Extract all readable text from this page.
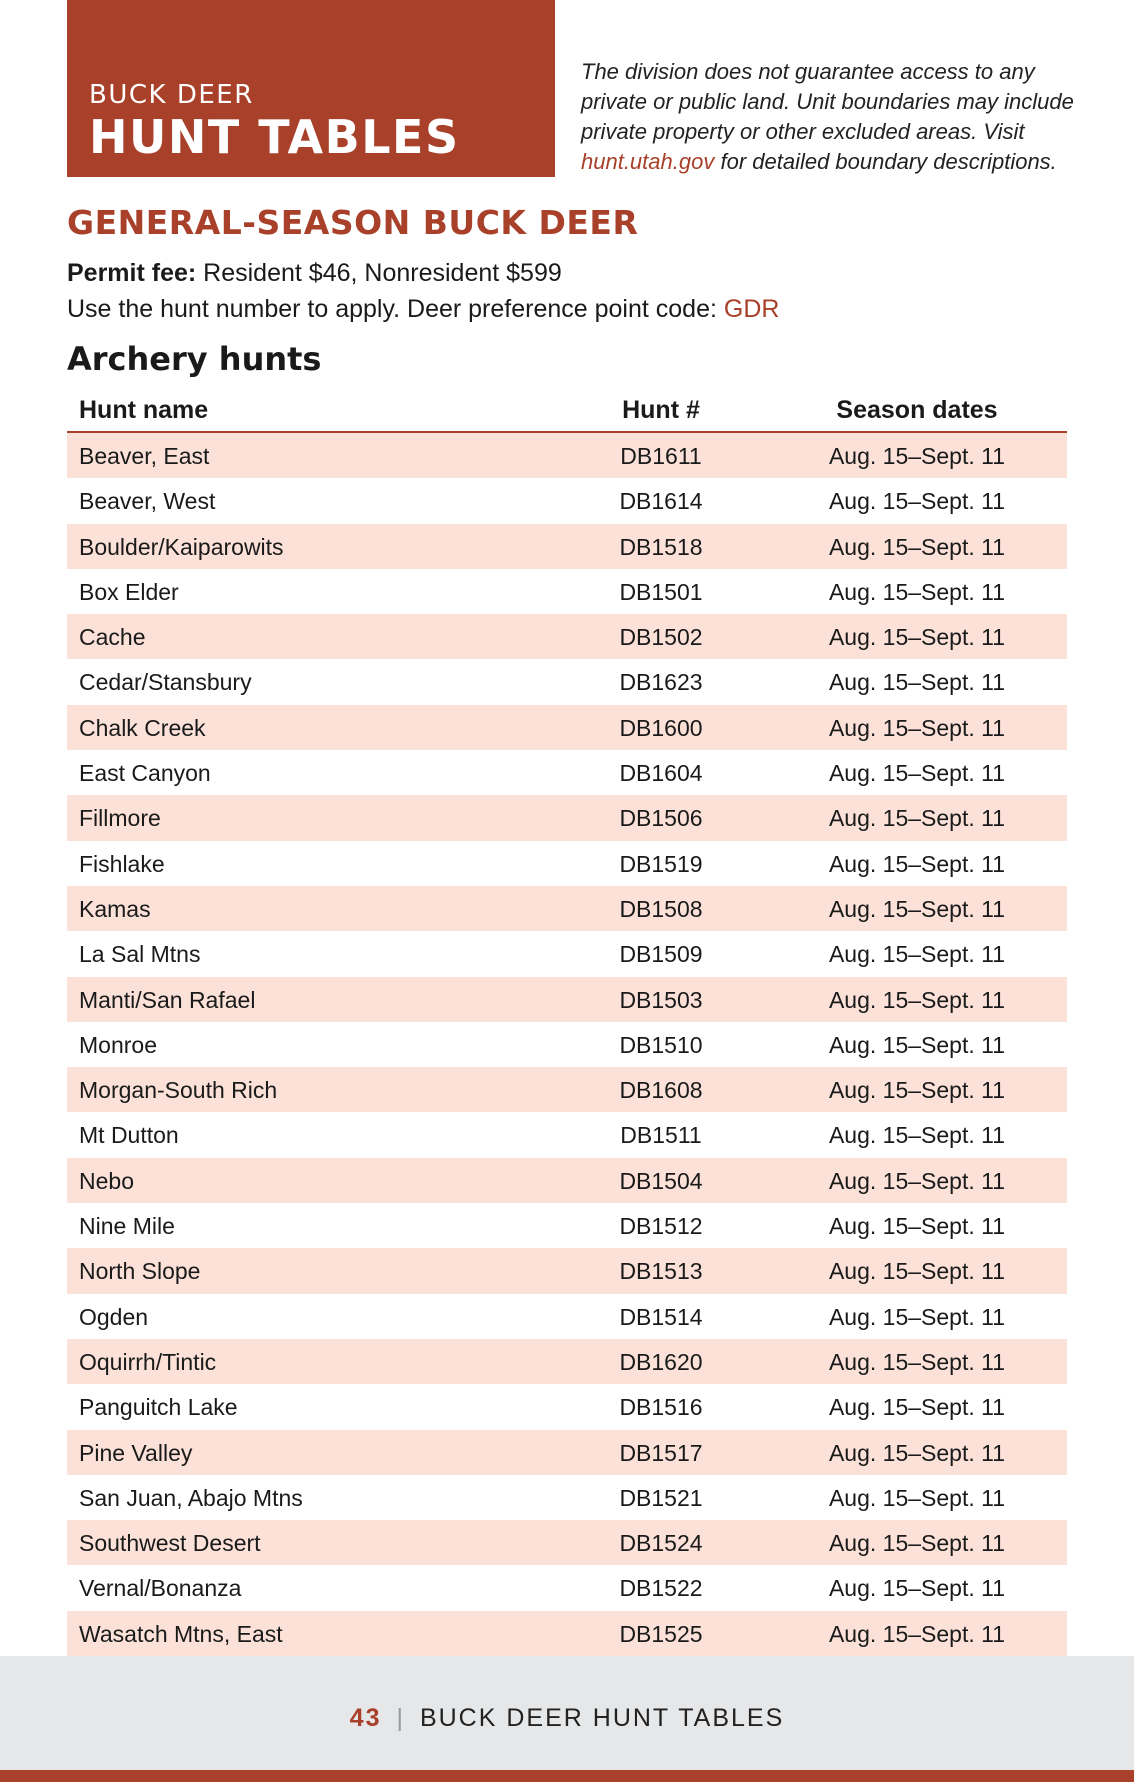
BUCK DEER
HUNT TABLES
The division does not guarantee access to any private or public land. Unit boundaries may include private property or other excluded areas. Visit hunt.utah.gov for detailed boundary descriptions.
GENERAL-SEASON BUCK DEER
Permit fee: Resident $46, Nonresident $599
Use the hunt number to apply. Deer preference point code: GDR
Archery hunts
Hunt name	Hunt #	Season dates
Beaver, East	DB1611	Aug. 15–Sept. 11
Beaver, West	DB1614	Aug. 15–Sept. 11
Boulder/Kaiparowits	DB1518	Aug. 15–Sept. 11
Box Elder	DB1501	Aug. 15–Sept. 11
Cache	DB1502	Aug. 15–Sept. 11
Cedar/Stansbury	DB1623	Aug. 15–Sept. 11
Chalk Creek	DB1600	Aug. 15–Sept. 11
East Canyon	DB1604	Aug. 15–Sept. 11
Fillmore	DB1506	Aug. 15–Sept. 11
Fishlake	DB1519	Aug. 15–Sept. 11
Kamas	DB1508	Aug. 15–Sept. 11
La Sal Mtns	DB1509	Aug. 15–Sept. 11
Manti/San Rafael	DB1503	Aug. 15–Sept. 11
Monroe	DB1510	Aug. 15–Sept. 11
Morgan-South Rich	DB1608	Aug. 15–Sept. 11
Mt Dutton	DB1511	Aug. 15–Sept. 11
Nebo	DB1504	Aug. 15–Sept. 11
Nine Mile	DB1512	Aug. 15–Sept. 11
North Slope	DB1513	Aug. 15–Sept. 11
Ogden	DB1514	Aug. 15–Sept. 11
Oquirrh/Tintic	DB1620	Aug. 15–Sept. 11
Panguitch Lake	DB1516	Aug. 15–Sept. 11
Pine Valley	DB1517	Aug. 15–Sept. 11
San Juan, Abajo Mtns	DB1521	Aug. 15–Sept. 11
Southwest Desert	DB1524	Aug. 15–Sept. 11
Vernal/Bonanza	DB1522	Aug. 15–Sept. 11
Wasatch Mtns, East	DB1525	Aug. 15–Sept. 11
43 | BUCK DEER HUNT TABLES
